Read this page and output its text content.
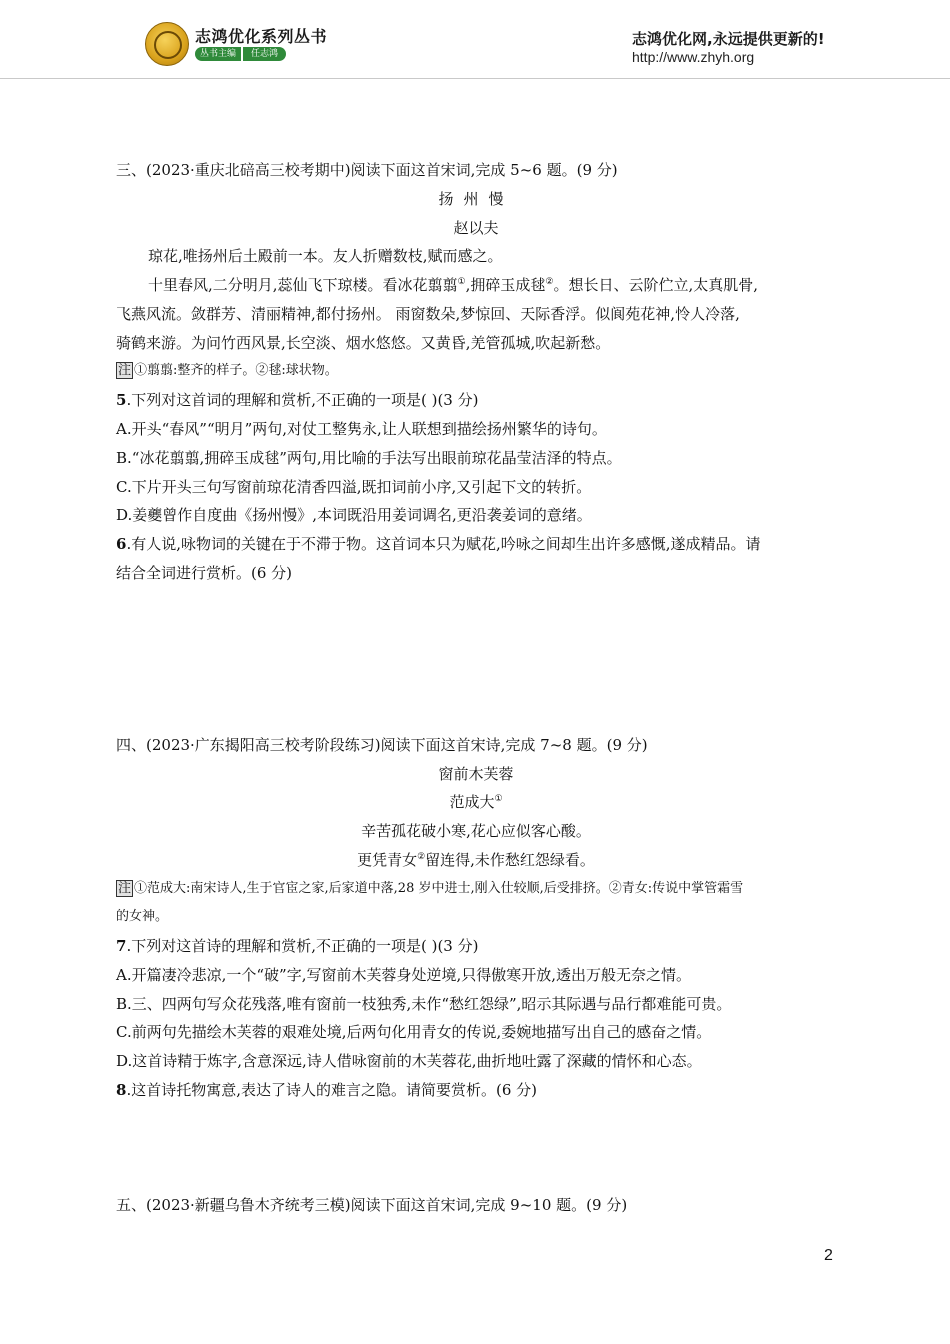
志鸿优化系列丛书
丛书主编	任志鸿
志鸿优化网,永远提供更新的!
http://www.zhyh.org
三、(2023·重庆北碚高三校考期中)阅读下面这首宋词,完成 5~6 题。(9 分)
扬州慢
赵以夫
琼花,唯扬州后土殿前一本。友人折赠数枝,赋而感之。
十里春风,二分明月,蕊仙飞下琼楼。看冰花翦翦①,拥碎玉成毬②。想长日、云阶伫立,太真肌骨,
飞燕风流。敛群芳、清丽精神,都付扬州。 雨窗数朵,梦惊回、天际香浮。似阆苑花神,怜人冷落,
骑鹤来游。为问竹西风景,长空淡、烟水悠悠。又黄昏,羌管孤城,吹起新愁。
注 ①翦翦:整齐的样子。②毬:球状物。
5.下列对这首词的理解和赏析,不正确的一项是( )(3 分)
A.开头“春风”“明月”两句,对仗工整隽永,让人联想到描绘扬州繁华的诗句。
B.“冰花翦翦,拥碎玉成毬”两句,用比喻的手法写出眼前琼花晶莹洁泽的特点。
C.下片开头三句写窗前琼花清香四溢,既扣词前小序,又引起下文的转折。
D.姜夔曾作自度曲《扬州慢》,本词既沿用姜词调名,更沿袭姜词的意绪。
6.有人说,咏物词的关键在于不滞于物。这首词本只为赋花,吟咏之间却生出许多感慨,遂成精品。请
结合全词进行赏析。(6 分)
四、(2023·广东揭阳高三校考阶段练习)阅读下面这首宋诗,完成 7~8 题。(9 分)
窗前木芙蓉
范成大①
辛苦孤花破小寒,花心应似客心酸。
更凭青女②留连得,未作愁红怨绿看。
注 ①范成大:南宋诗人,生于官宦之家,后家道中落,28 岁中进士,刚入仕较顺,后受排挤。②青女:传说中掌管霜雪
的女神。
7.下列对这首诗的理解和赏析,不正确的一项是( )(3 分)
A.开篇凄冷悲凉,一个“破”字,写窗前木芙蓉身处逆境,只得傲寒开放,透出万般无奈之情。
B.三、四两句写众花残落,唯有窗前一枝独秀,未作“愁红怨绿”,昭示其际遇与品行都难能可贵。
C.前两句先描绘木芙蓉的艰难处境,后两句化用青女的传说,委婉地描写出自己的感奋之情。
D.这首诗精于炼字,含意深远,诗人借咏窗前的木芙蓉花,曲折地吐露了深藏的情怀和心态。
8.这首诗托物寓意,表达了诗人的难言之隐。请简要赏析。(6 分)
五、(2023·新疆乌鲁木齐统考三模)阅读下面这首宋词,完成 9~10 题。(9 分)
2
